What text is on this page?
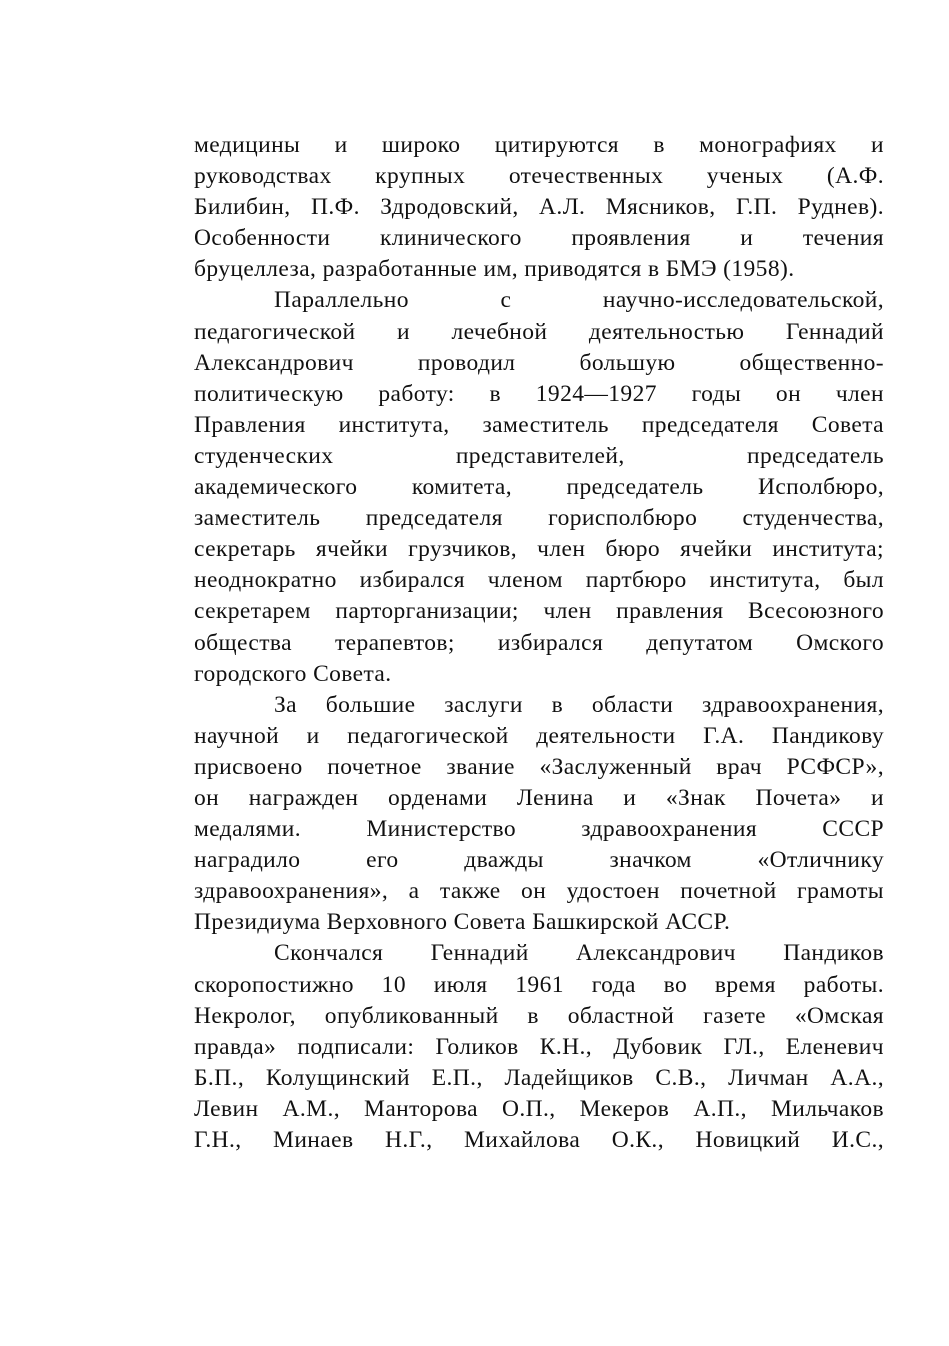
медицины и широко цитируются в монографиях и
руководствах крупных отечественных ученых (А.Ф.
Билибин, П.Ф. Здродовский, А.Л. Мясников, Г.П. Руднев).
Особенности клинического проявления и течения
бруцеллеза, разработанные им, приводятся в БМЭ (1958).
Параллельно с научно-исследовательской,
педагогической и лечебной деятельностью Геннадий
Александрович проводил большую общественно-
политическую работу: в 1924—1927 годы он член
Правления института, заместитель председателя Совета
студенческих представителей, председатель
академического комитета, председатель Исполбюро,
заместитель председателя горисполбюро студенчества,
секретарь ячейки грузчиков, член бюро ячейки института;
неоднократно избирался членом партбюро института, был
секретарем парторганизации; член правления Всесоюзного
общества терапевтов; избирался депутатом Омского
городского Совета.
За большие заслуги в области здравоохранения,
научной и педагогической деятельности Г.А. Пандикову
присвоено почетное звание «Заслуженный врач РСФСР»,
он награжден орденами Ленина и «Знак Почета» и
медалями. Министерство здравоохранения СССР
наградило его дважды значком «Отличнику
здравоохранения», а также он удостоен почетной грамоты
Президиума Верховного Совета Башкирской АССР.
Скончался Геннадий Александрович Пандиков
скоропостижно 10 июля 1961 года во время работы.
Некролог, опубликованный в областной газете «Омская
правда» подписали: Голиков К.Н., Дубовик ГЛ., Еленевич
Б.П., Колущинский Е.П., Ладейщиков С.В., Личман А.А.,
Левин А.М., Манторова О.П., Мекеров А.П., Мильчаков
Г.Н., Минаев Н.Г., Михайлова О.К., Новицкий И.С.,
